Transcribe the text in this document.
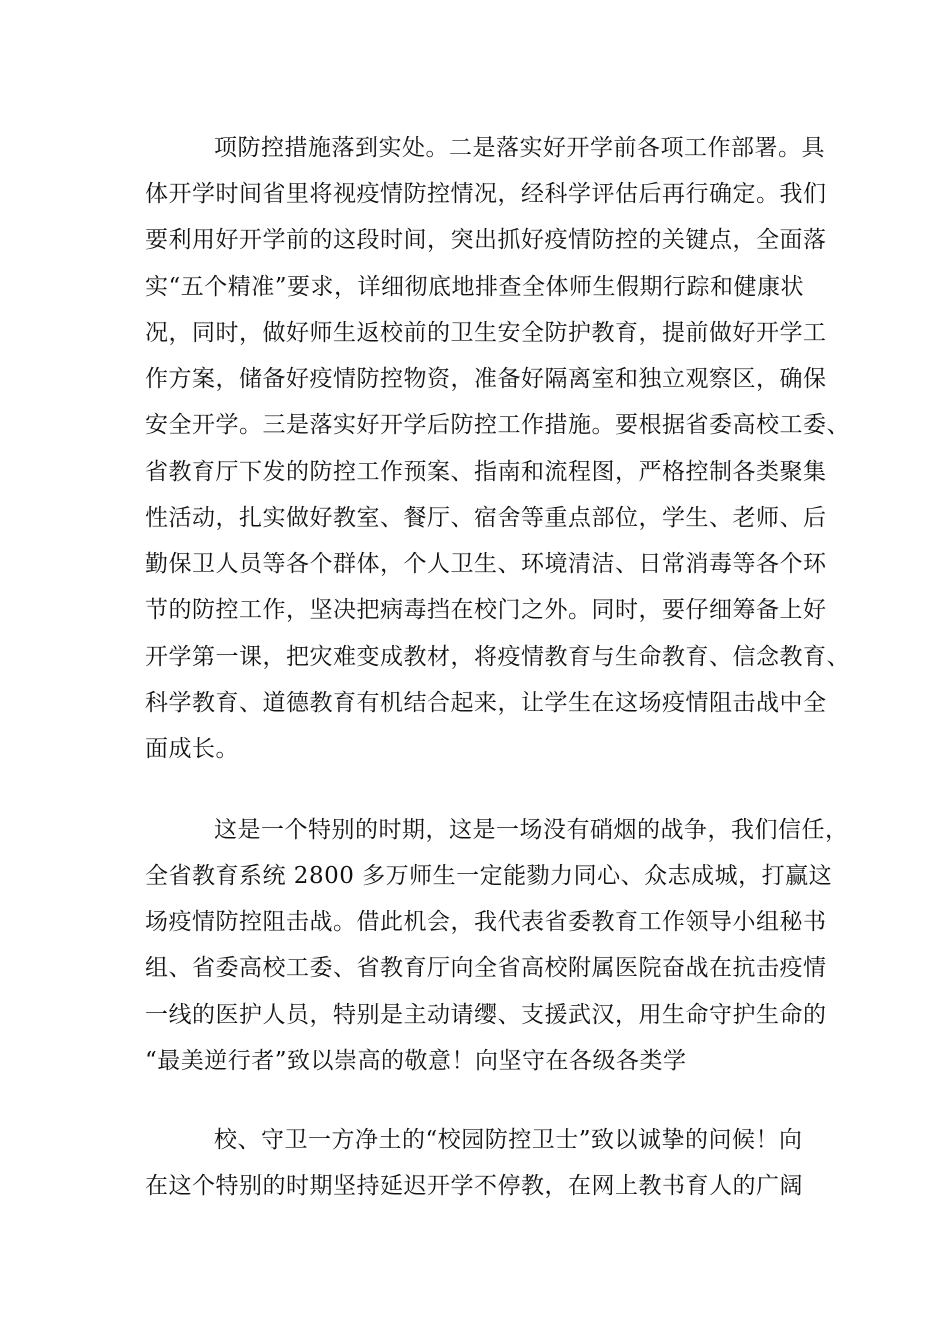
项防控措施落到实处。二是落实好开学前各项工作部署。具
体开学时间省里将视疫情防控情况，经科学评估后再行确定。我们
要利用好开学前的这段时间，突出抓好疫情防控的关键点，全面落
实“五个精准”要求，详细彻底地排查全体师生假期行踪和健康状
况，同时，做好师生返校前的卫生安全防护教育，提前做好开学工
作方案，储备好疫情防控物资，准备好隔离室和独立观察区，确保
安全开学。三是落实好开学后防控工作措施。要根据省委高校工委、
省教育厅下发的防控工作预案、指南和流程图，严格控制各类聚集
性活动，扎实做好教室、餐厅、宿舍等重点部位，学生、老师、后
勤保卫人员等各个群体，个人卫生、环境清洁、日常消毒等各个环
节的防控工作，坚决把病毒挡在校门之外。同时，要仔细筹备上好
开学第一课，把灾难变成教材，将疫情教育与生命教育、信念教育、
科学教育、道德教育有机结合起来，让学生在这场疫情阻击战中全
面成长。
这是一个特别的时期，这是一场没有硝烟的战争，我们信任，
全省教育系统 2800 多万师生一定能勠力同心、众志成城，打赢这
场疫情防控阻击战。借此机会，我代表省委教育工作领导小组秘书
组、省委高校工委、省教育厅向全省高校附属医院奋战在抗击疫情
一线的医护人员，特别是主动请缨、支援武汉，用生命守护生命的
“最美逆行者”致以崇高的敬意！向坚守在各级各类学
校、守卫一方净土的“校园防控卫士”致以诚挚的问候！向
在这个特别的时期坚持延迟开学不停教，在网上教书育人的广阔
